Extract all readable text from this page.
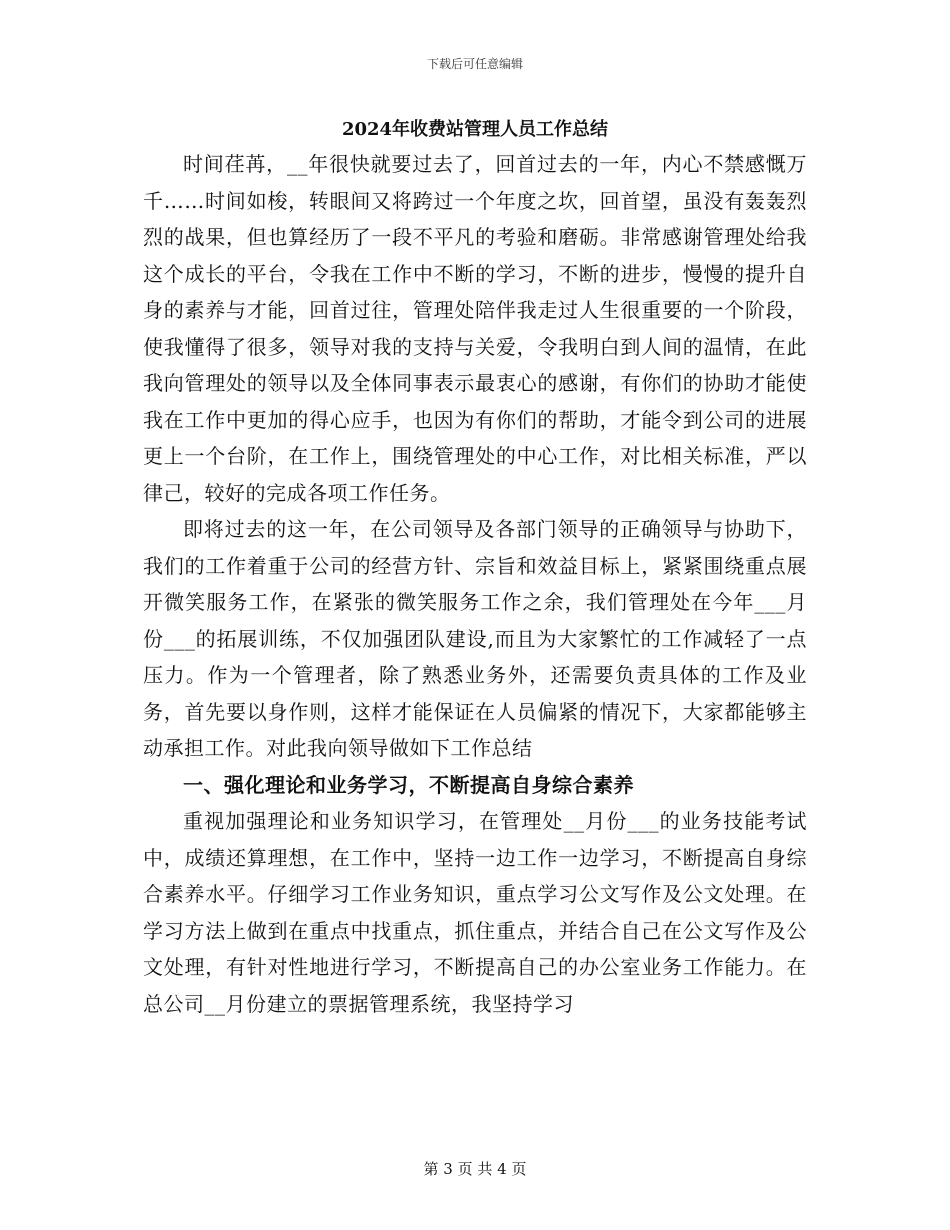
下载后可任意编辑
2024年收费站管理人员工作总结

时间荏苒，__年很快就要过去了，回首过去的一年，内心不禁感慨万千……时间如梭，转眼间又将跨过一个年度之坎，回首望，虽没有轰轰烈烈的战果，但也算经历了一段不平凡的考验和磨砺。非常感谢管理处给我这个成长的平台，令我在工作中不断的学习，不断的进步，慢慢的提升自身的素养与才能，回首过往，管理处陪伴我走过人生很重要的一个阶段，使我懂得了很多，领导对我的支持与关爱，令我明白到人间的温情，在此我向管理处的领导以及全体同事表示最衷心的感谢，有你们的协助才能使我在工作中更加的得心应手，也因为有你们的帮助，才能令到公司的进展更上一个台阶，在工作上，围绕管理处的中心工作，对比相关标准，严以律己，较好的完成各项工作任务。

即将过去的这一年，在公司领导及各部门领导的正确领导与协助下，我们的工作着重于公司的经营方针、宗旨和效益目标上，紧紧围绕重点展开微笑服务工作，在紧张的微笑服务工作之余，我们管理处在今年___月份___的拓展训练，不仅加强团队建设,而且为大家繁忙的工作减轻了一点压力。作为一个管理者，除了熟悉业务外，还需要负责具体的工作及业务，首先要以身作则，这样才能保证在人员偏紧的情况下，大家都能够主动承担工作。对此我向领导做如下工作总结

一、强化理论和业务学习，不断提高自身综合素养

重视加强理论和业务知识学习，在管理处__月份___的业务技能考试中，成绩还算理想，在工作中，坚持一边工作一边学习，不断提高自身综合素养水平。仔细学习工作业务知识，重点学习公文写作及公文处理。在学习方法上做到在重点中找重点，抓住重点，并结合自己在公文写作及公文处理，有针对性地进行学习，不断提高自己的办公室业务工作能力。在总公司__月份建立的票据管理系统，我坚持学习

第 3 页 共 4 页
